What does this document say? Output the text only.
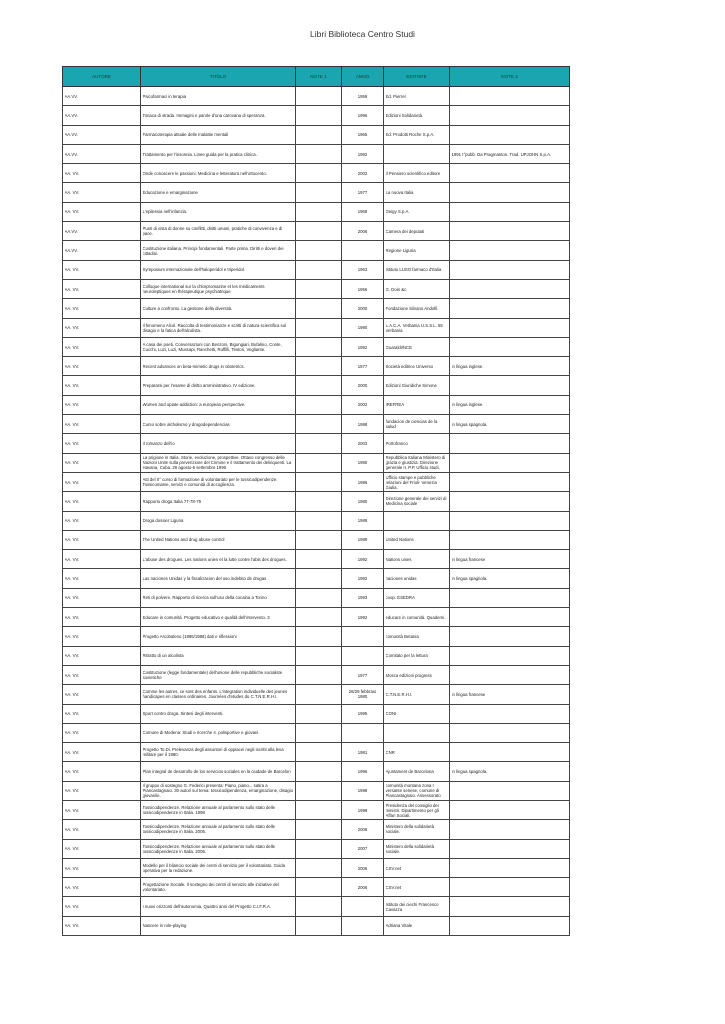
Libri Biblioteca Centro Studi
AUTORE	TITOLO	NOTE 1	ANNO	EDITORE	NOTE 2

AA.VV.	Psicofarmaci in terapia		1959	Ed. Pierrel	

AA.VV.	Tonaca di strada. Immagini e parole d'una carovana di speranza.		1996	Edizioni Solidarietà.	

AA.VV.	Farmacoterapia attuale delle malattie mentali		1965	Ed. Prodotti Roche S.p.A.	

AA.VV.	Trattamento per l'insonnia. Linee guida per la pratica clinica.		1992		1991 I°pubb. Da Pragmanton. Trad. UPJOHN S.p.A.

AA. VV.	Onde conoscere le passioni. Medicina e letteratura nell'ottocento.		2002	Il Pensiero scientifico editore	

AA. VV.	Educazione e emarginazione		1977	La nuova Italia	

AA. VV.	L'epilessia nell'infanzia.		1968	Geigy S.p.A.	

AA.VV.	Punti di vista di donne su conflitti, diritti umani, pratiche di convivenza e di pace.		2006	Camera dei deputati	

AA.VV.	Costituzione italiana. Principi fondamentali. Parte prima. Diritti e doveri dei cittadini.			Regione Liguria	

AA. VV.	Symposium internazionale dell'haloperidol e triperidol.		1963	Istituto LUSO farmaco d'Italia	

AA. VV.	Colloque international sur la chlorpromazine et les médicaments neuroleptiques en thérapeutique psychiatrique		1956	G. Doin &c.	

AA. VV.	Culture a confronto. La gestione della diversità.		2000	Fondazione Silvano Andolfi.	

AA. VV.	Il fenomeno Alcol. Raccolta di testimonianze e scritti di natura scientifica sul disagio e la fatica dell'alcolista.		1990	L.A.C.A. Verbania U.S.S.L. 55 Verbania	

AA. VV.	A casa dei poeti. Conversazioni con Benzoni, Bigongiari, Bufalino, Conte, Cucchi, Luzi, Luzi, Mussapi, Ranchetti, Ruffilli, Testori, Vegliante.		1992	Guaraldi/NCE	

AA. VV.	Recent advances on beta-mimetic drugs in obstetrics.		1977	Società editrice Universo	in lingua inglese.

AA. VV.	Prepararsi per l'esame di diritto amministrativo. IV edizione.		2000	Edizioni Giuridiche Simone	

AA. VV.	Women and opiate addiction: a european perspective.		2002	IREFREA	in lingua inglese.

AA. VV.	Curso sobre alcholismo y drogodependencias		1998	fundacion de ciencias de la salud	in lingua spagnola.

AA. VV.	Il romanzo dell'io		2003	Portofranco	

AA. VV.	La prigione in Italia. Storie, evoluzione, prospettive. Ottavo congresso delle Nazioni Unite sulla prevenzione del Crimine e il trattamento dei delinquenti. La Havana, Cuba. 26 agosto-6 settembre 1990.		1990	Repubblica Italiana Ministero di grazia e giustizia. Direzione generale II. P.P. Ufficio studi,	

AA. VV.	Atti del II° corso di formazione di volontariato per le tossicodipendenze. Tossicomanie, servizi e comunità di accoglienza.		1986	Ufficio stampe e pubbliche relazioni del Friuli- Venezia Giulia.	

AA. VV.	Rapporto droga Italia 77-78-79		1980	Direzione generale dei servizi di Medicina sociale	

AA. VV.	Droga dossier Liguria		1989		

AA. VV.	The United Nations and drug abuse control		1989	United Nations	

AA. VV.	L'abuse des drogues. Les nations unies et la lutte contre l'abis des drogues.		1992	Nations unies	in lingua francese

AA. VV.	Las naciones Unidas y la fiscalizacion del uso indebito de drogas		1992	naciones unidas	in lingua spagnola.

AA. VV.	Reti di polvere. Rapporto di ricerca sull'uso della cocaina a Torino		1993	coop. ESEDRA	

AA. VV.	Educare in comunità. Progetto educativo e qualità dell'intervento. 3		1992	educare in comunità. Quaderni.	

AA. VV.	Progetto Arcobaleno (1986/1988) dati e riflessioni			comunità Betania	

AA. VV.	Ritratto di un alcolista			Comitato per la lettura	

AA. VV.	Costituzione (legge fondamentale) dell'unione delle repubbliche socialiste sovietiche		1977	Mosca edizioni progress	

AA. VV.	Comme les autres, ce sont des enfants. L'integration individuelle des jeunes handicapes en classes ordinaires. Journées d'etudes du C.T.N.E.R.H.I.		28/29 febbraio 1980	C.T.N.E.R.H.I.	in lingua francese

AA. VV.	Sport contro droga. Sintesi degli interventi.		1995	CONI	

AA. VV.	Comune di Modena: Studi e ricerche 4. polisportive e giovani				

AA. VV.	Progetto To.Di. Prelevanza degli assuntori di oppiacei negli iscritti alla leva militare per il 1980.		1981	CNR	

AA. VV.	Plan integral de desarrollo de los servicios sociales en la ciudade de Barcelon		1996	Ajuntament de Barcelona	in lingua spagnola.

AA. VV.	Il gruppo di sostegno G. Federici presenta: Piano, piano... satira a Piancastagnaio. 30 autori sul tema: tossicodipendenza, emarginazione, disagio giovanile.		1998	comunità montana zona I versante senese, comune di Piancastagnaio. Assessorato	

AA. VV.	Tossicodipendenze. Relazione annuale al parlamento sullo stato delle tossicodipendenze in Italia. 1998		1998	Presidenza del consiglio dei ministri. Dipartimento per gli Affari Sociali.	

AA. VV.	Tossicodipendenze. Relazione annuale al parlamento sullo stato delle tossicodipendenze in Italia. 2005.		2006	Ministero della solidarietà sociale.	

AA. VV.	Tossicodipendenze. Relazione annuale al parlamento sullo stato delle tossicodipendenze in Italia. 2006.		2007	Ministero della solidarietà sociale.	

AA. VV.	Modello per il bilancio sociale dei centri di servizio per il volontariato. Guida operativa per la redazione.		2006	CSV.net	

AA. VV.	Progettazione Sociale. Il sostegno dei centri di servizio alle iniziative del volontariato.		2006	CSV.net	

AA. VV.	I nuovi orizzonti dell'autonomia. Quattro anni del Progetto C.I.F.R.A.			Istituto dei ciechi Francesco Cavazza	

AA. VV.	Nascere in role-playing			Adriana Vitale	
